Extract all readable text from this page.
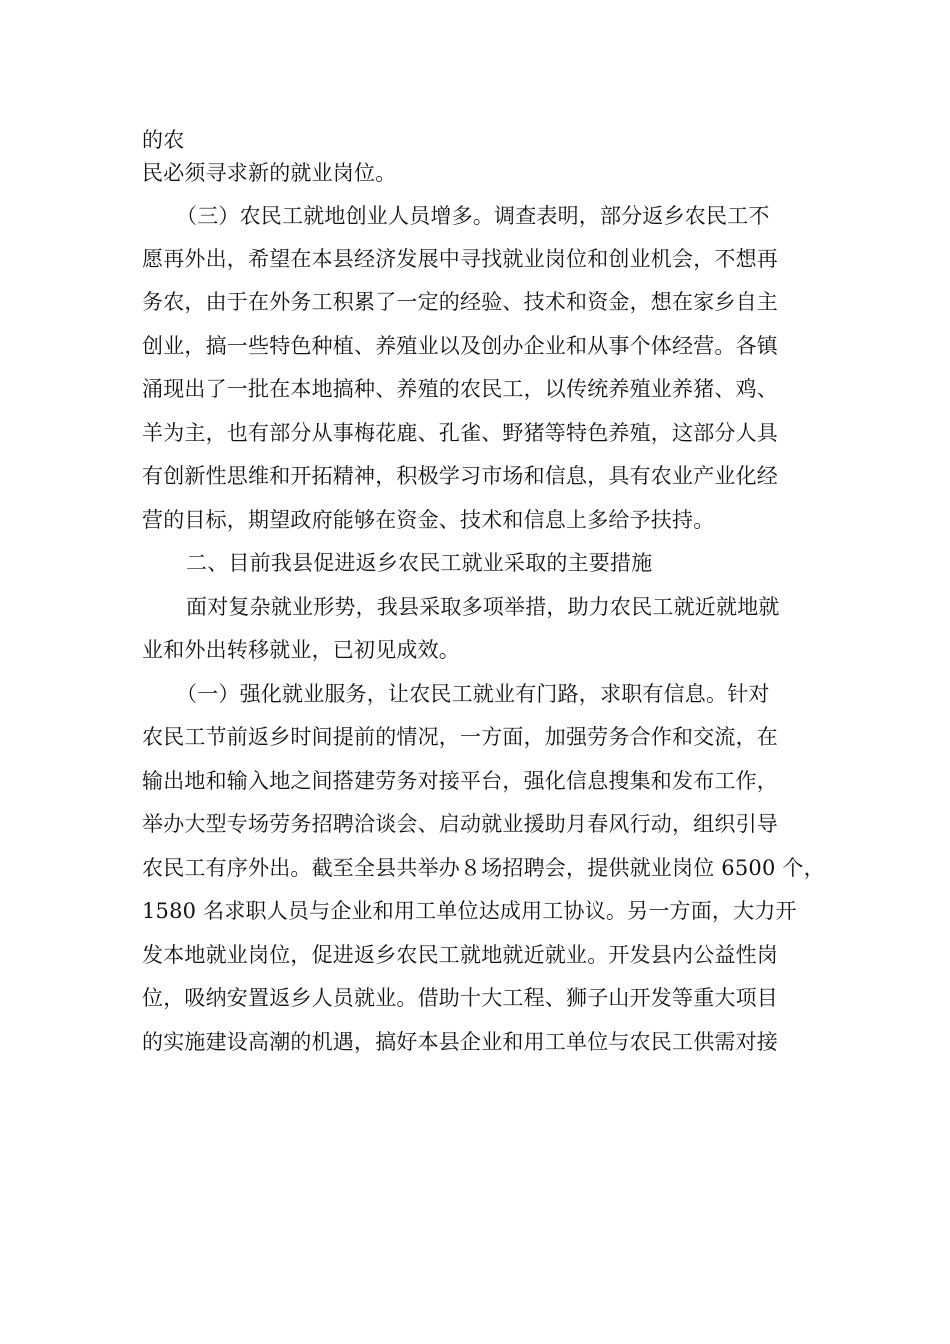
的农
民必须寻求新的就业岗位。
（三）农民工就地创业人员增多。调查表明，部分返乡农民工不
愿再外出，希望在本县经济发展中寻找就业岗位和创业机会，不想再
务农，由于在外务工积累了一定的经验、技术和资金，想在家乡自主
创业，搞一些特色种植、养殖业以及创办企业和从事个体经营。各镇
涌现出了一批在本地搞种、养殖的农民工，以传统养殖业养猪、鸡、
羊为主，也有部分从事梅花鹿、孔雀、野猪等特色养殖，这部分人具
有创新性思维和开拓精神，积极学习市场和信息，具有农业产业化经
营的目标，期望政府能够在资金、技术和信息上多给予扶持。
二、目前我县促进返乡农民工就业采取的主要措施
面对复杂就业形势，我县采取多项举措，助力农民工就近就地就
业和外出转移就业，已初见成效。
（一）强化就业服务，让农民工就业有门路，求职有信息。针对
农民工节前返乡时间提前的情况，一方面，加强劳务合作和交流，在
输出地和输入地之间搭建劳务对接平台，强化信息搜集和发布工作，
举办大型专场劳务招聘洽谈会、启动就业援助月春风行动，组织引导
农民工有序外出。截至全县共举办８场招聘会，提供就业岗位 6500 个，
1580 名求职人员与企业和用工单位达成用工协议。另一方面，大力开
发本地就业岗位，促进返乡农民工就地就近就业。开发县内公益性岗
位，吸纳安置返乡人员就业。借助十大工程、狮子山开发等重大项目
的实施建设高潮的机遇，搞好本县企业和用工单位与农民工供需对接
